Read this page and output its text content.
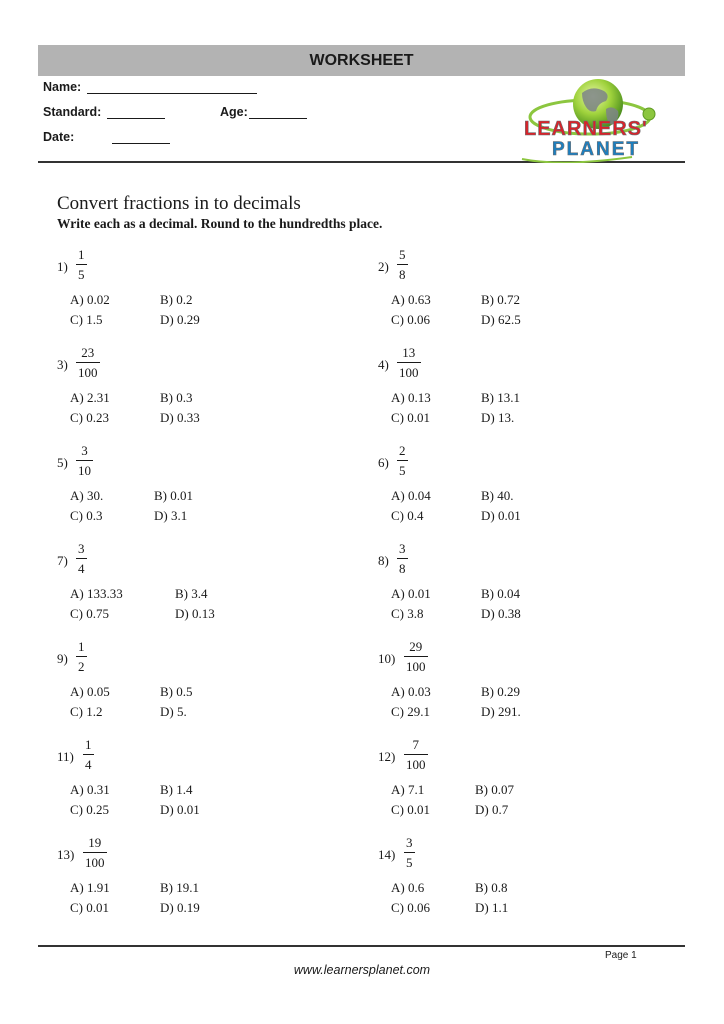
WORKSHEET
Name:
Standard:	Age:
Date:	LEARNERS'
PLANET
Convert fractions in to decimals
Write each as a decimal. Round to the hundredths place.
1)
1
5
A) 0.02	B) 0.2
C) 1.5	D) 0.29
2)
5
8
A) 0.63	B) 0.72
C) 0.06	D) 62.5
3)
23
100
A) 2.31	B) 0.3
C) 0.23	D) 0.33
4)
13
100
A) 0.13	B) 13.1
C) 0.01	D) 13.
5)
3
10
A) 30.	B) 0.01
C) 0.3	D) 3.1
6)
2
5
A) 0.04	B) 40.
C) 0.4	D) 0.01
7)
3
4
A) 133.33	B) 3.4
C) 0.75	D) 0.13
8)
3
8
A) 0.01	B) 0.04
C) 3.8	D) 0.38
9)
1
2
A) 0.05	B) 0.5
C) 1.2	D) 5.
10)
29
100
A) 0.03	B) 0.29
C) 29.1	D) 291.
11)
1
4
A) 0.31	B) 1.4
C) 0.25	D) 0.01
12)
7
100
A) 7.1	B) 0.07
C) 0.01	D) 0.7
13)
19
100
A) 1.91	B) 19.1
C) 0.01	D) 0.19
14)
3
5
A) 0.6	B) 0.8
C) 0.06	D) 1.1
Page 1
www.learnersplanet.com
